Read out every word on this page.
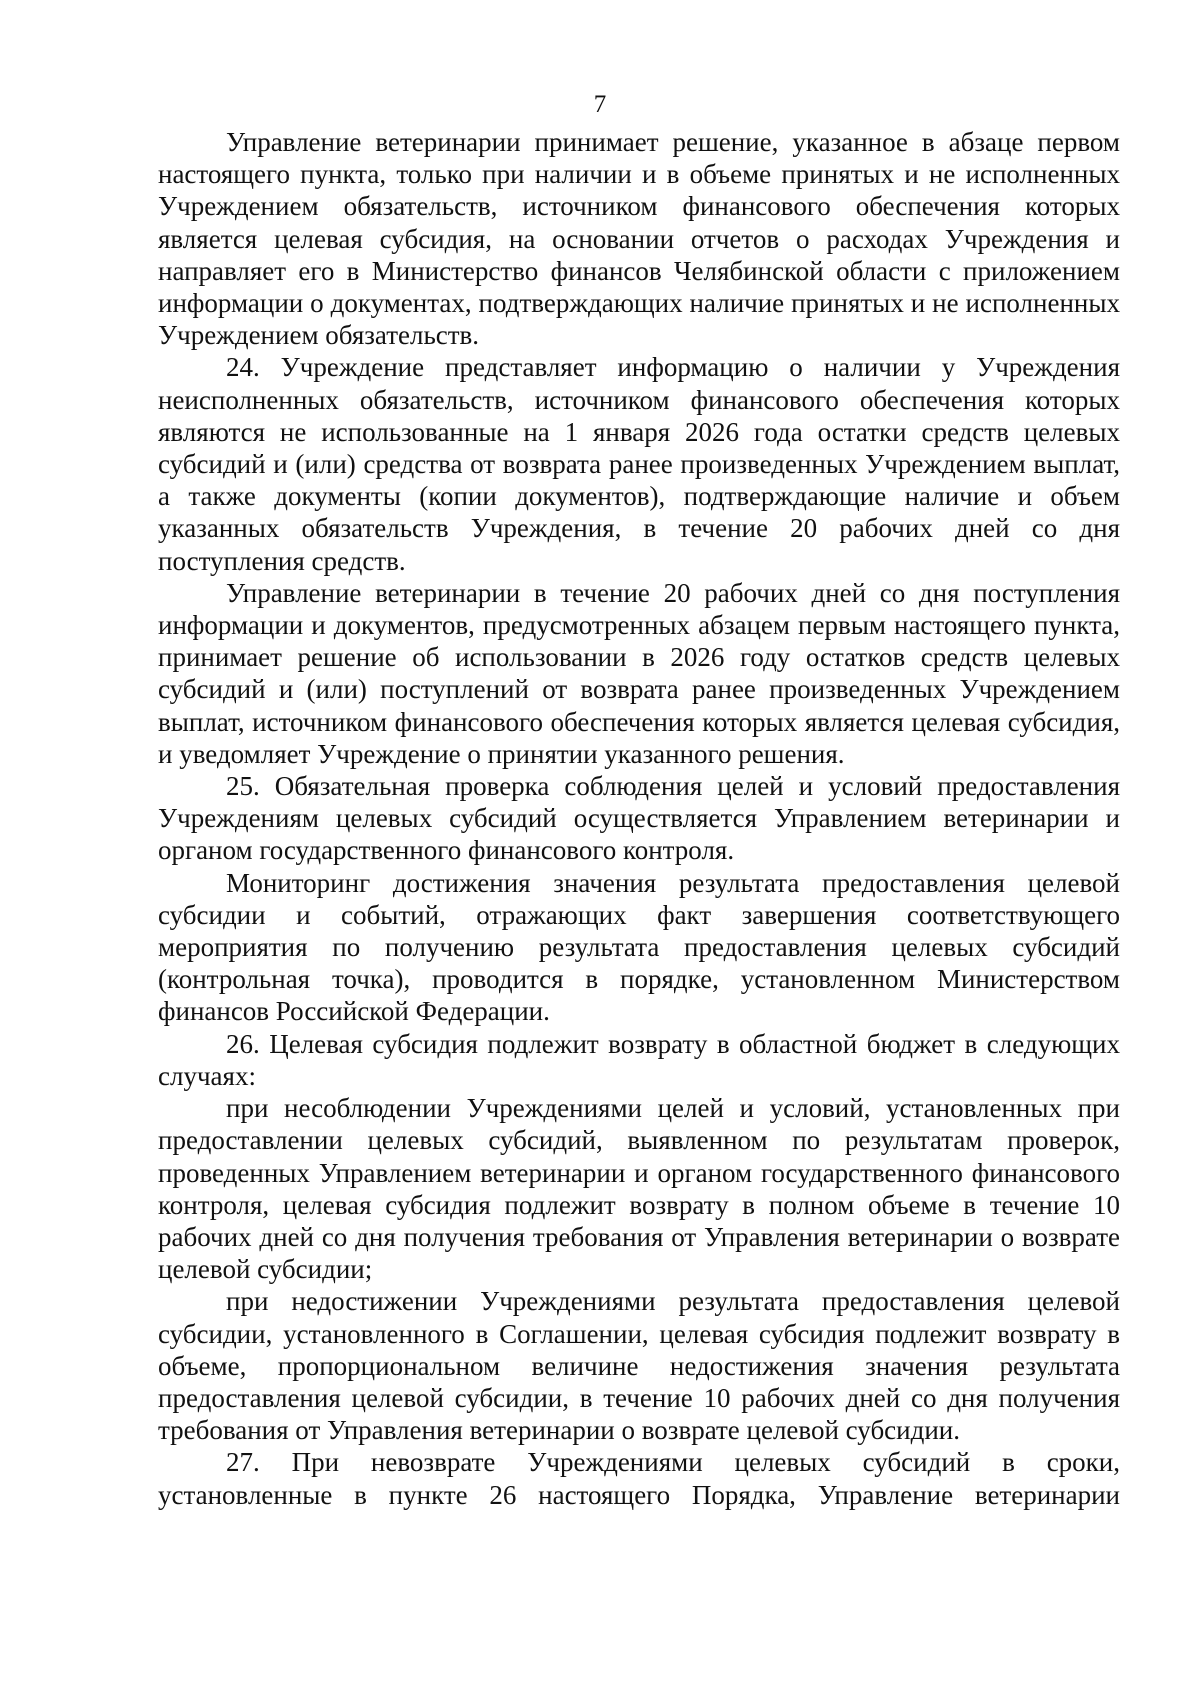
7

Управление ветеринарии принимает решение, указанное в абзаце первом настоящего пункта, только при наличии и в объеме принятых и не исполненных Учреждением обязательств, источником финансового обеспечения которых является целевая субсидия, на основании отчетов о расходах Учреждения и направляет его в Министерство финансов Челябинской области с приложением информации о документах, подтверждающих наличие принятых и не исполненных Учреждением обязательств.

24. Учреждение представляет информацию о наличии у Учреждения неисполненных обязательств, источником финансового обеспечения которых являются не использованные на 1 января 2026 года остатки средств целевых субсидий и (или) средства от возврата ранее произведенных Учреждением выплат, а также документы (копии документов), подтверждающие наличие и объем указанных обязательств Учреждения, в течение 20 рабочих дней со дня поступления средств.

Управление ветеринарии в течение 20 рабочих дней со дня поступления информации и документов, предусмотренных абзацем первым настоящего пункта, принимает решение об использовании в 2026 году остатков средств целевых субсидий и (или) поступлений от возврата ранее произведенных Учреждением выплат, источником финансового обеспечения которых является целевая субсидия, и уведомляет Учреждение о принятии указанного решения.

25. Обязательная проверка соблюдения целей и условий предоставления Учреждениям целевых субсидий осуществляется Управлением ветеринарии и органом государственного финансового контроля.

Мониторинг достижения значения результата предоставления целевой субсидии и событий, отражающих факт завершения соответствующего мероприятия по получению результата предоставления целевых субсидий (контрольная точка), проводится в порядке, установленном Министерством финансов Российской Федерации.

26. Целевая субсидия подлежит возврату в областной бюджет в следующих случаях:

при несоблюдении Учреждениями целей и условий, установленных при предоставлении целевых субсидий, выявленном по результатам проверок, проведенных Управлением ветеринарии и органом государственного финансового контроля, целевая субсидия подлежит возврату в полном объеме в течение 10 рабочих дней со дня получения требования от Управления ветеринарии о возврате целевой субсидии;

при недостижении Учреждениями результата предоставления целевой субсидии, установленного в Соглашении, целевая субсидия подлежит возврату в объеме, пропорциональном величине недостижения значения результата предоставления целевой субсидии, в течение 10 рабочих дней со дня получения требования от Управления ветеринарии о возврате целевой субсидии.

27. При невозврате Учреждениями целевых субсидий в сроки, установленные в пункте 26 настоящего Порядка, Управление ветеринарии
